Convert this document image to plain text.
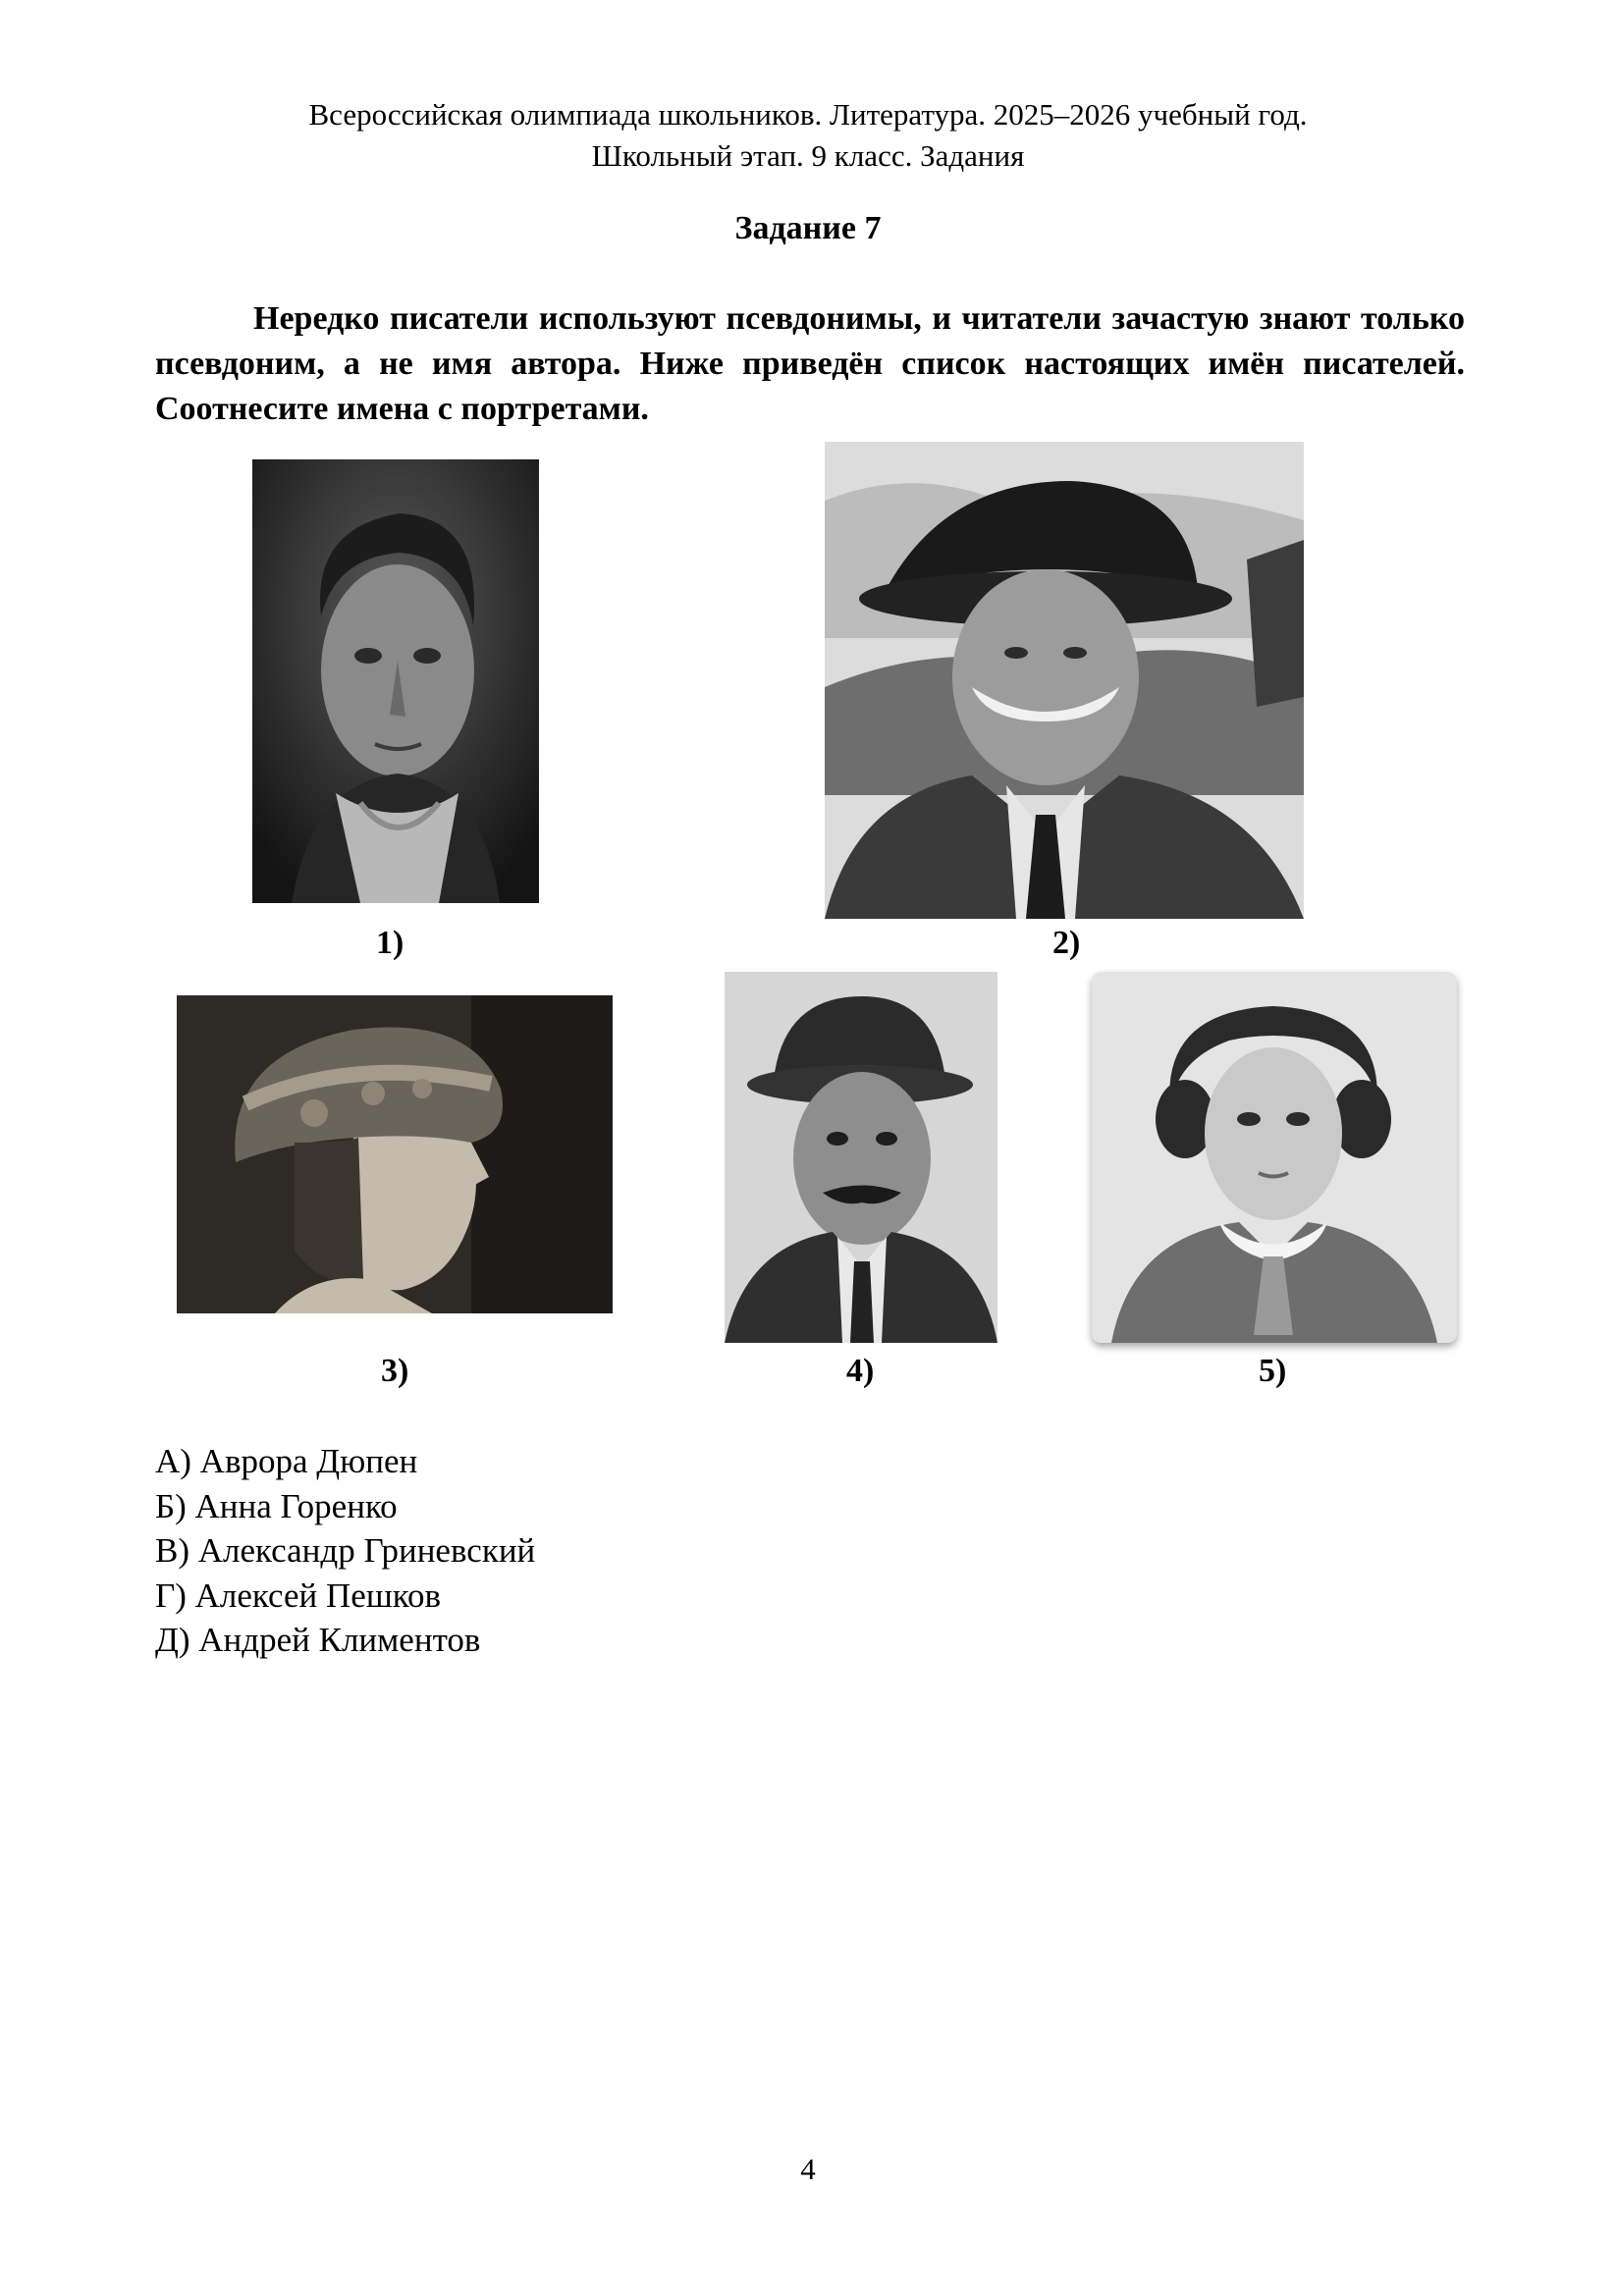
Всероссийская олимпиада школьников. Литература. 2025–2026 учебный год.
Школьный этап. 9 класс. Задания
Задание 7
Нередко писатели используют псевдонимы, и читатели зачастую знают только псевдоним, а не имя автора. Ниже приведён список настоящих имён писателей. Соотнесите имена с портретами.
1)	2)
3)	4)	5)
А) Аврора Дюпен
Б) Анна Горенко
В) Александр Гриневский
Г) Алексей Пешков
Д) Андрей Климентов
4
